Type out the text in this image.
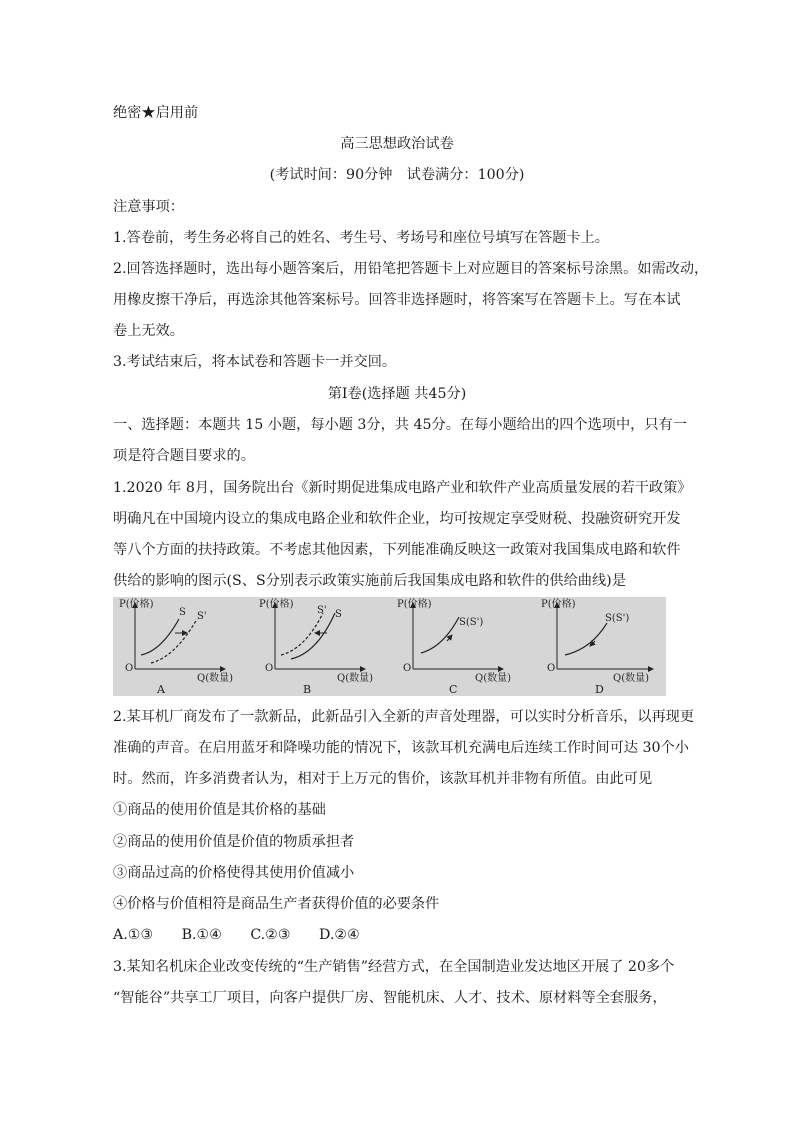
绝密★启用前
高三思想政治试卷
(考试时间：90分钟　试卷满分：100分)
注意事项：
1.答卷前，考生务必将自己的姓名、考生号、考场号和座位号填写在答题卡上。
2.回答选择题时，选出每小题答案后，用铅笔把答题卡上对应题目的答案标号涂黑。如需改动，
用橡皮擦干净后，再选涂其他答案标号。回答非选择题时，将答案写在答题卡上。写在本试
卷上无效。
3.考试结束后，将本试卷和答题卡一并交回。
第Ⅰ卷(选择题 共45分)
一、选择题：本题共 15 小题，每小题 3分，共 45分。在每小题给出的四个选项中，只有一
项是符合题目要求的。
1.2020 年 8月，国务院出台《新时期促进集成电路产业和软件产业高质量发展的若干政策》
明确凡在中国境内设立的集成电路企业和软件企业，均可按规定享受财税、投融资研究开发
等八个方面的扶持政策。不考虑其他因素，下列能准确反映这一政策对我国集成电路和软件
供给的影响的图示(S、S分别表示政策实施前后我国集成电路和软件的供给曲线)是
P(价格)
Q(数量)
O
S S'
A
P(价格)
Q(数量)
O
S' S
B
P(价格)
Q(数量)
O
S(S')
C
P(价格)
Q(数量)
O
S(S')
D
2.某耳机厂商发布了一款新品，此新品引入全新的声音处理器，可以实时分析音乐，以再现更
准确的声音。在启用蓝牙和降噪功能的情况下，该款耳机充满电后连续工作时间可达 30个小
时。然而，许多消费者认为，相对于上万元的售价，该款耳机并非物有所值。由此可见
①商品的使用价值是其价格的基础
②商品的使用价值是价值的物质承担者
③商品过高的价格使得其使用价值减小
④价格与价值相符是商品生产者获得价值的必要条件
A.①③　　B.①④　　C.②③　　D.②④
3.某知名机床企业改变传统的“生产销售”经营方式，在全国制造业发达地区开展了 20多个
“智能谷”共享工厂项目，向客户提供厂房、智能机床、人才、技术、原材料等全套服务，
